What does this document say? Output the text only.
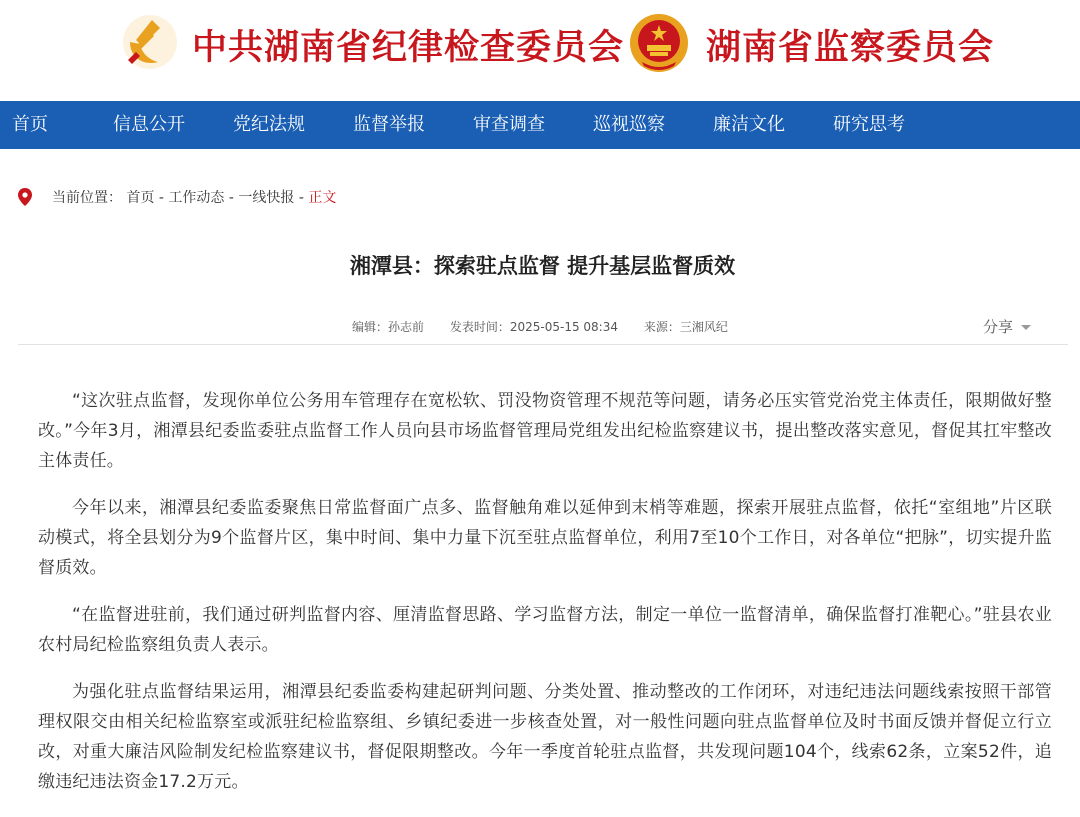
中共湖南省纪律检查委员会 湖南省监察委员会
首页	信息公开	党纪法规	监督举报	审查调查	巡视巡察	廉洁文化	研究思考
当前位置： 首页 - 工作动态 - 一线快报 - 正文
湘潭县：探索驻点监督 提升基层监督质效
编辑：孙志前 发表时间：2025-05-15 08:34 来源：三湘风纪	分享

“这次驻点监督，发现你单位公务用车管理存在宽松软、罚没物资管理不规范等问题，请务必压实管党治党主体责任，限期做好整改。”今年3月，湘潭县纪委监委驻点监督工作人员向县市场监督管理局党组发出纪检监察建议书，提出整改落实意见，督促其扛牢整改主体责任。

今年以来，湘潭县纪委监委聚焦日常监督面广点多、监督触角难以延伸到末梢等难题，探索开展驻点监督，依托“室组地”片区联动模式，将全县划分为9个监督片区，集中时间、集中力量下沉至驻点监督单位，利用7至10个工作日，对各单位“把脉”，切实提升监督质效。

“在监督进驻前，我们通过研判监督内容、厘清监督思路、学习监督方法，制定一单位一监督清单，确保监督打准靶心。”驻县农业农村局纪检监察组负责人表示。

为强化驻点监督结果运用，湘潭县纪委监委构建起研判问题、分类处置、推动整改的工作闭环，对违纪违法问题线索按照干部管理权限交由相关纪检监察室或派驻纪检监察组、乡镇纪委进一步核查处置，对一般性问题向驻点监督单位及时书面反馈并督促立行立改，对重大廉洁风险制发纪检监察建议书，督促限期整改。今年一季度首轮驻点监督，共发现问题104个，线索62条，立案52件，追缴违纪违法资金17.2万元。
